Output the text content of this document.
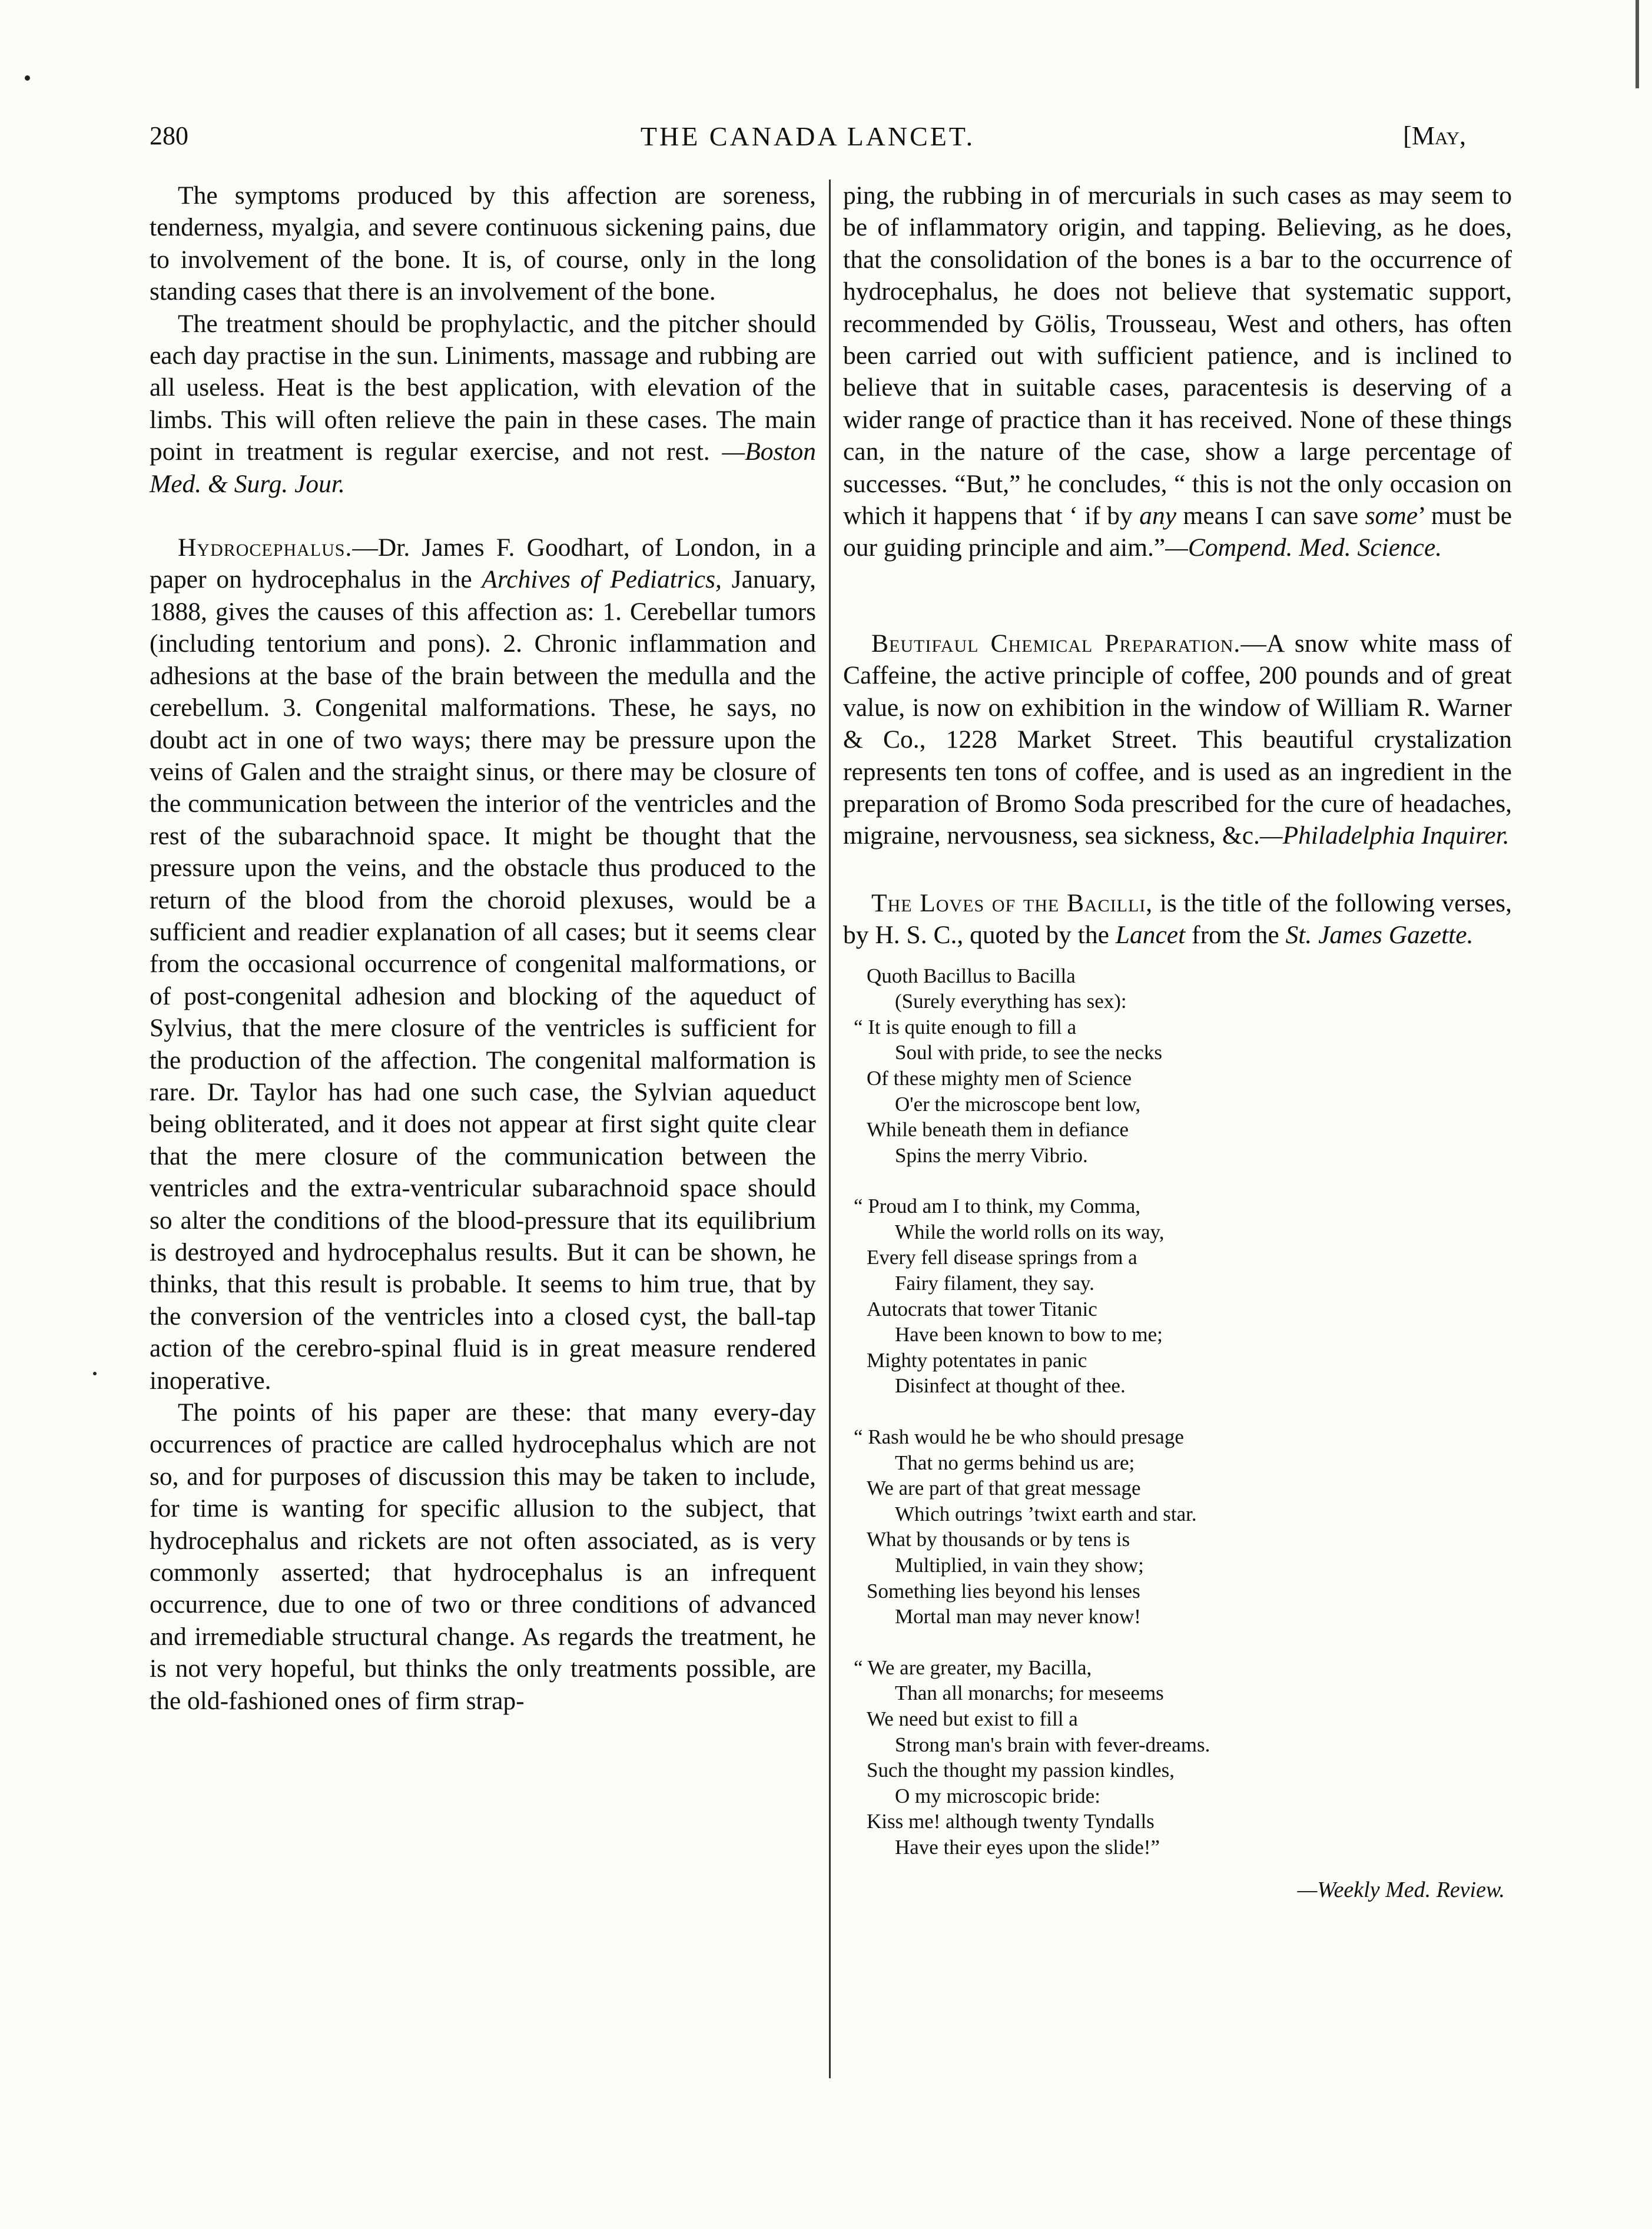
280	THE CANADA LANCET.	[May,

The symptoms produced by this affection are soreness, tenderness, myalgia, and severe continuous sickening pains, due to involvement of the bone. It is, of course, only in the long standing cases that there is an involvement of the bone.

The treatment should be prophylactic, and the pitcher should each day practise in the sun. Liniments, massage and rubbing are all useless. Heat is the best application, with elevation of the limbs. This will often relieve the pain in these cases. The main point in treatment is regular exercise, and not rest. —Boston Med. & Surg. Jour.

Hydrocephalus.—Dr. James F. Goodhart, of London, in a paper on hydrocephalus in the Archives of Pediatrics, January, 1888, gives the causes of this affection as: 1. Cerebellar tumors (including tentorium and pons). 2. Chronic inflammation and adhesions at the base of the brain between the medulla and the cerebellum. 3. Congenital malformations. These, he says, no doubt act in one of two ways; there may be pressure upon the veins of Galen and the straight sinus, or there may be closure of the communication between the interior of the ventricles and the rest of the subarachnoid space. It might be thought that the pressure upon the veins, and the obstacle thus produced to the return of the blood from the choroid plexuses, would be a sufficient and readier explanation of all cases; but it seems clear from the occasional occurrence of congenital malformations, or of post-congenital adhesion and blocking of the aqueduct of Sylvius, that the mere closure of the ventricles is sufficient for the production of the affection. The congenital malformation is rare. Dr. Taylor has had one such case, the Sylvian aqueduct being obliterated, and it does not appear at first sight quite clear that the mere closure of the communication between the ventricles and the extra-ventricular subarachnoid space should so alter the conditions of the blood-pressure that its equilibrium is destroyed and hydrocephalus results. But it can be shown, he thinks, that this result is probable. It seems to him true, that by the conversion of the ventricles into a closed cyst, the ball-tap action of the cerebro-spinal fluid is in great measure rendered inoperative.

The points of his paper are these: that many every-day occurrences of practice are called hydrocephalus which are not so, and for purposes of discussion this may be taken to include, for time is wanting for specific allusion to the subject, that hydrocephalus and rickets are not often associated, as is very commonly asserted; that hydrocephalus is an infrequent occurrence, due to one of two or three conditions of advanced and irremediable structural change. As regards the treatment, he is not very hopeful, but thinks the only treatments possible, are the old-fashioned ones of firm strap-

ping, the rubbing in of mercurials in such cases as may seem to be of inflammatory origin, and tapping. Believing, as he does, that the consolidation of the bones is a bar to the occurrence of hydrocephalus, he does not believe that systematic support, recommended by Gölis, Trousseau, West and others, has often been carried out with sufficient patience, and is inclined to believe that in suitable cases, paracentesis is deserving of a wider range of practice than it has received. None of these things can, in the nature of the case, show a large percentage of successes. “But,” he concludes, “ this is not the only occasion on which it happens that ‘ if by any means I can save some’ must be our guiding principle and aim.”—Compend. Med. Science.

Beutifaul Chemical Preparation.—A snow white mass of Caffeine, the active principle of coffee, 200 pounds and of great value, is now on exhibition in the window of William R. Warner & Co., 1228 Market Street. This beautiful crystalization represents ten tons of coffee, and is used as an ingredient in the preparation of Bromo Soda prescribed for the cure of headaches, migraine, nervousness, sea sickness, &c.—Philadelphia Inquirer.

The Loves of the Bacilli, is the title of the following verses, by H. S. C., quoted by the Lancet from the St. James Gazette.

Quoth Bacillus to Bacilla
(Surely everything has sex):
“ It is quite enough to fill a
Soul with pride, to see the necks
Of these mighty men of Science
O'er the microscope bent low,
While beneath them in defiance
Spins the merry Vibrio.
“ Proud am I to think, my Comma,
While the world rolls on its way,
Every fell disease springs from a
Fairy filament, they say.
Autocrats that tower Titanic
Have been known to bow to me;
Mighty potentates in panic
Disinfect at thought of thee.
“ Rash would he be who should presage
That no germs behind us are;
We are part of that great message
Which outrings ’twixt earth and star.
What by thousands or by tens is
Multiplied, in vain they show;
Something lies beyond his lenses
Mortal man may never know!
“ We are greater, my Bacilla,
Than all monarchs; for meseems
We need but exist to fill a
Strong man's brain with fever-dreams.
Such the thought my passion kindles,
O my microscopic bride:
Kiss me! although twenty Tyndalls
Have their eyes upon the slide!”
—Weekly Med. Review.
